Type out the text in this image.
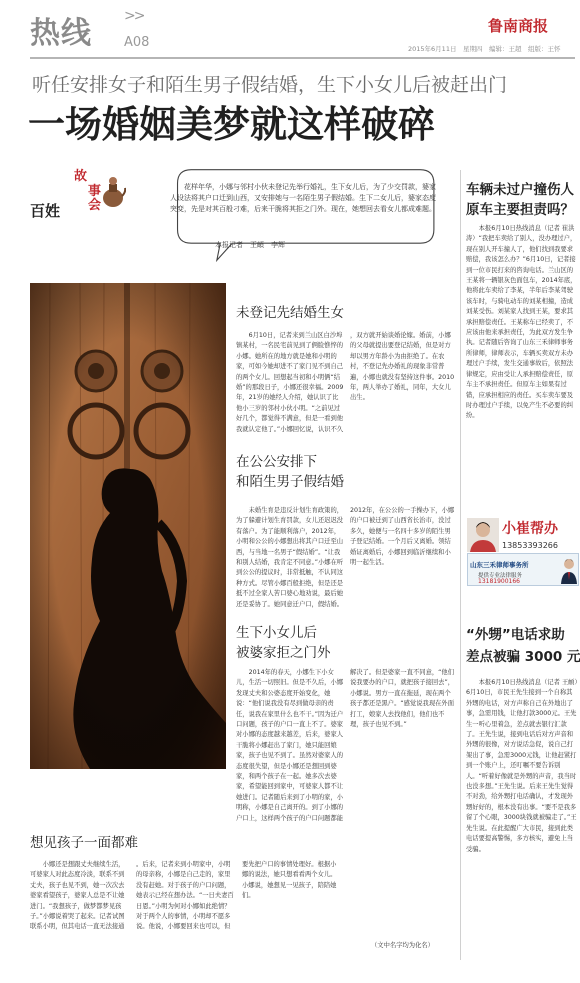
热线 >>
A08
鲁南商报
2015年6月11日　星期四　编辑：王超　组版：王怀
听任安排女子和陌生男子假结婚，生下小女儿后被赶出门
一场婚姻美梦就这样破碎
故
事会
百姓
花样年华，小娜与邻村小伙未登记先举行婚礼，生下女儿后，为了少交罚款，婆家人设法将其户口迁到山西，又安排她与一名陌生男子假结婚。生下二女儿后，婆家态度突变，先是对其百般刁难，后来干脆将其拒之门外。现在，她想回去看女儿都成难题。
本报记者　王頔　李辉
未登记先结婚生女
6月10日，记者来到兰山区白沙埠镇某村，一名民宅前见到了俩脸憔悴的小娜。她所在的地方就是她和小明的家，可如今她却进不了家门见不到自己的两个女儿。回想起当初和小明俩“结婚”的那段日子，小娜还很幸福。2009年，21岁的她经人介绍，她认识了比他小三岁的邻村小伙小明。“之前见过好几个，都觉得不满意，但是一看到他我就认定他了。”小娜回忆说，认识不久
，双方就开始谈婚论嫁。婚前，小娜的父母就提出要登记结婚，但是对方却以男方年龄小为由拒绝了。在农村，不登记先办婚礼的现象非常普遍，小娜也就没有坚持这件事。2010年，两人举办了婚礼，同年，大女儿出生。
在公公安排下
和陌生男子假结婚
未婚生育是违反计划生育政策的，为了躲避计划生育罚款，女儿还迟迟没有落户。为了能顺利落户，2012年，小明和公公的小娜想出将其户口迁至山西，与当地一名男子“假结婚”。“让我和别人结婚，我肯定不同意。”小娜在听到公公的提议时，非常抵触，不认同这种方式。尽管小娜百般拒绝，但是还是抵不过全家人苦口婆心地劝说，最后她还是妥协了。她同意迁户口，假结婚。
2012年，在公公的一手操办下，小娜的户口被迁到了山西省长治市，没过多久，她便与一名四十多岁的陌生男子登记结婚。一个月后又离婚。领结婚证离婚后，小娜回到临沂继续和小明一起生活。
生下小女儿后
被婆家拒之门外
2014年的春天，小娜生下小女儿，生活一切照旧。但是不久后，小娜发现丈夫和公婆态度开始变化，她说：“他们说我没有尽到做母亲的责任，说我在家里什么也不干。”因为迁户口问题，孩子的户口一直上不了。婆家对小娜的态度越来越差，后来，婆家人干脆将小娜赶出了家门，她只能回娘家，孩子也见不到了。虽然对婆家人的态度很失望，但是小娜还是想回到婆家，和两个孩子在一起。她多次去婆家，希望能回到家中，可婆家人都不让她进门。记者随后来到了小明的家，小明称，小娜是自己离开的。到了小娜的户口上，这样两个孩子的户口问题都能
解决了。但是婆家一直不同意，“他们说我要办的户口，就把孩子接回去”，小娜说。男方一直在拖延，现在两个孩子都还是黑户。“感觉说我现在外面打工，娘家人去找他们，他们也不理，孩子也见不到。”
想见孩子一面都难
小娜还是想跟丈夫继续生活，可婆家人对此态度冷淡，联系不到丈夫，孩子也见不到，她一次次去婆家看望孩子，婆家人总是不让她进门。“我想孩子，做梦都梦见孩子。”小娜说着哭了起来。记者试图联系小明，但其电话一直无法接通
。后来，记者来到小明家中，小明的母亲称，小娜是自己走的，家里没有赶她。对于孩子的户口问题，她表示已经在想办法。“一日夫妻百日恩。”小明为何对小娜如此绝情？对于两个人的事情，小明却不愿多说。他说，小娜要回来也可以，但
要先把户口的事情处理好。根据小娜的说法，她只想看看两个女儿。小娜说，她想见一见孩子，陪陪她们。
（文中名字均为化名）
车辆未过户撞伤人
原车主要担责吗？
本报6月10日热线消息（记者 崔洪涛）“我把车卖给了别人，没办理过户，现在别人开车撞人了，他们找到我要求赔偿，我该怎么办？”6月10日，记者接到一位市民打来的咨询电话。兰山区的王某将一辆银灰色面包车，2014年底，他将此车卖给了李某，半年后李某驾驶该车时，与骑电动车的刘某相撞，造成刘某受伤。刘某家人找到王某，要求其承担赔偿责任。王某称车已经卖了，不应该由他来承担责任，为此双方发生争执。记者随后咨询了山东三禾律师事务所律师，律师表示，车辆买卖双方未办理过户手续，发生交通事故后，依照法律规定，应由受让人承担赔偿责任，原车主不承担责任。但原车主如果有过错，应承担相应的责任。买车卖车要及时办理过户手续，以免产生不必要的纠纷。
小崔帮办
13853393266
山东三禾律师事务所
提供专业法律服务
13181900166
“外甥”电话求助
差点被骗 3000 元
本报6月10日热线消息（记者 王頔）6月10日，市民王先生接到一个自称其外甥的电话，对方声称自己在外地出了事，急需用钱，让他打款3000元。王先生一听心里着急，差点就去银行汇款了。王先生说，接到电话后对方声音和外甥的很像，对方说话急促，说自己打架出了事，急需3000元钱，让他赶紧打到一个账户上，还叮嘱不要告诉别人。“听着好像就是外甥的声音，我当时也没多想。”王先生说。后来王先生觉得不对劲，给外甥打电话确认，才发现外甥好好的，根本没有出事。“要不是我多留了个心眼，3000块钱就被骗走了。”王先生说。在此提醒广大市民，接到此类电话要提高警惕，多方核实，避免上当受骗。
